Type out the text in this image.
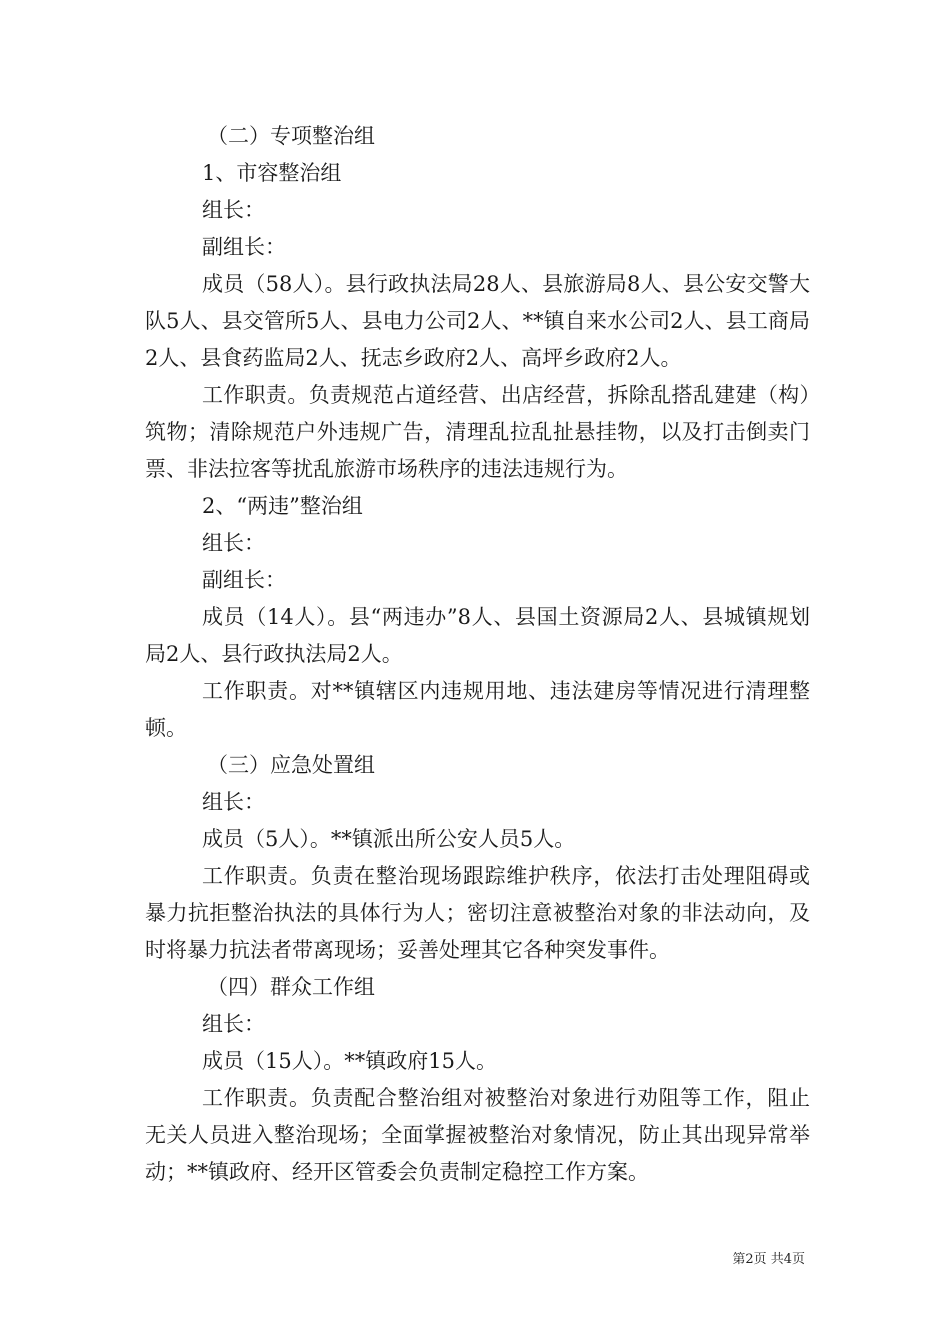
（二）专项整治组

1、市容整治组

组长：

副组长：

成员（58人）。县行政执法局28人、县旅游局8人、县公安交警大队5人、县交管所5人、县电力公司2人、**镇自来水公司2人、县工商局2人、县食药监局2人、抚志乡政府2人、高坪乡政府2人。

工作职责。负责规范占道经营、出店经营，拆除乱搭乱建建（构）筑物；清除规范户外违规广告，清理乱拉乱扯悬挂物，以及打击倒卖门票、非法拉客等扰乱旅游市场秩序的违法违规行为。

2、“两违”整治组

组长：

副组长：

成员（14人）。县“两违办”8人、县国土资源局2人、县城镇规划局2人、县行政执法局2人。

工作职责。对**镇辖区内违规用地、违法建房等情况进行清理整顿。

（三）应急处置组

组长：

成员（5人）。**镇派出所公安人员5人。

工作职责。负责在整治现场跟踪维护秩序，依法打击处理阻碍或暴力抗拒整治执法的具体行为人；密切注意被整治对象的非法动向，及时将暴力抗法者带离现场；妥善处理其它各种突发事件。

（四）群众工作组

组长：

成员（15人）。**镇政府15人。

工作职责。负责配合整治组对被整治对象进行劝阻等工作，阻止无关人员进入整治现场；全面掌握被整治对象情况，防止其出现异常举动；**镇政府、经开区管委会负责制定稳控工作方案。

第2页 共4页
